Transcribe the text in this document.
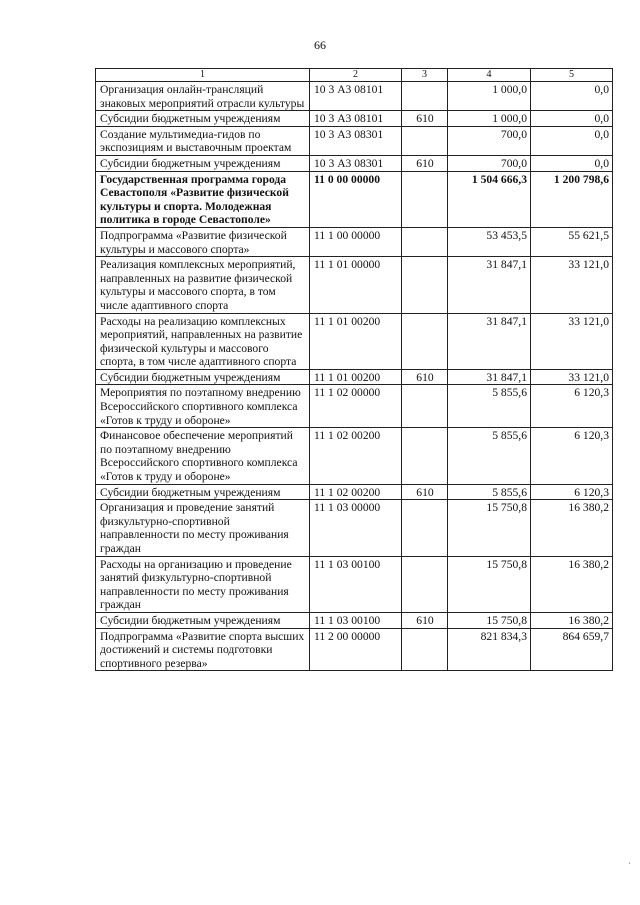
66
1	2	3	4	5
Организация онлайн-трансляций знаковых мероприятий отрасли культуры	10 3 А3 08101		1 000,0	0,0
Субсидии бюджетным учреждениям	10 3 А3 08101	610	1 000,0	0,0
Создание мультимедиа-гидов по экспозициям и выставочным проектам	10 3 А3 08301		700,0	0,0
Субсидии бюджетным учреждениям	10 3 А3 08301	610	700,0	0,0
Государственная программа города Севастополя «Развитие физической культуры и спорта. Молодежная политика в городе Севастополе»	11 0 00 00000		1 504 666,3	1 200 798,6
Подпрограмма «Развитие физической культуры и массового спорта»	11 1 00 00000		53 453,5	55 621,5
Реализация комплексных мероприятий, направленных на развитие физической культуры и массового спорта, в том числе адаптивного спорта	11 1 01 00000		31 847,1	33 121,0
Расходы на реализацию комплексных мероприятий, направленных на развитие физической культуры и массового спорта, в том числе адаптивного спорта	11 1 01 00200		31 847,1	33 121,0
Субсидии бюджетным учреждениям	11 1 01 00200	610	31 847,1	33 121,0
Мероприятия по поэтапному внедрению Всероссийского спортивного комплекса «Готов к труду и обороне»	11 1 02 00000		5 855,6	6 120,3
Финансовое обеспечение мероприятий по поэтапному внедрению Всероссийского спортивного комплекса «Готов к труду и обороне»	11 1 02 00200		5 855,6	6 120,3
Субсидии бюджетным учреждениям	11 1 02 00200	610	5 855,6	6 120,3
Организация и проведение занятий физкультурно-спортивной направленности по месту проживания граждан	11 1 03 00000		15 750,8	16 380,2
Расходы на организацию и проведение занятий физкультурно-спортивной направленности по месту проживания граждан	11 1 03 00100		15 750,8	16 380,2
Субсидии бюджетным учреждениям	11 1 03 00100	610	15 750,8	16 380,2
Подпрограмма «Развитие спорта высших достижений и системы подготовки спортивного резерва»	11 2 00 00000		821 834,3	864 659,7
.
